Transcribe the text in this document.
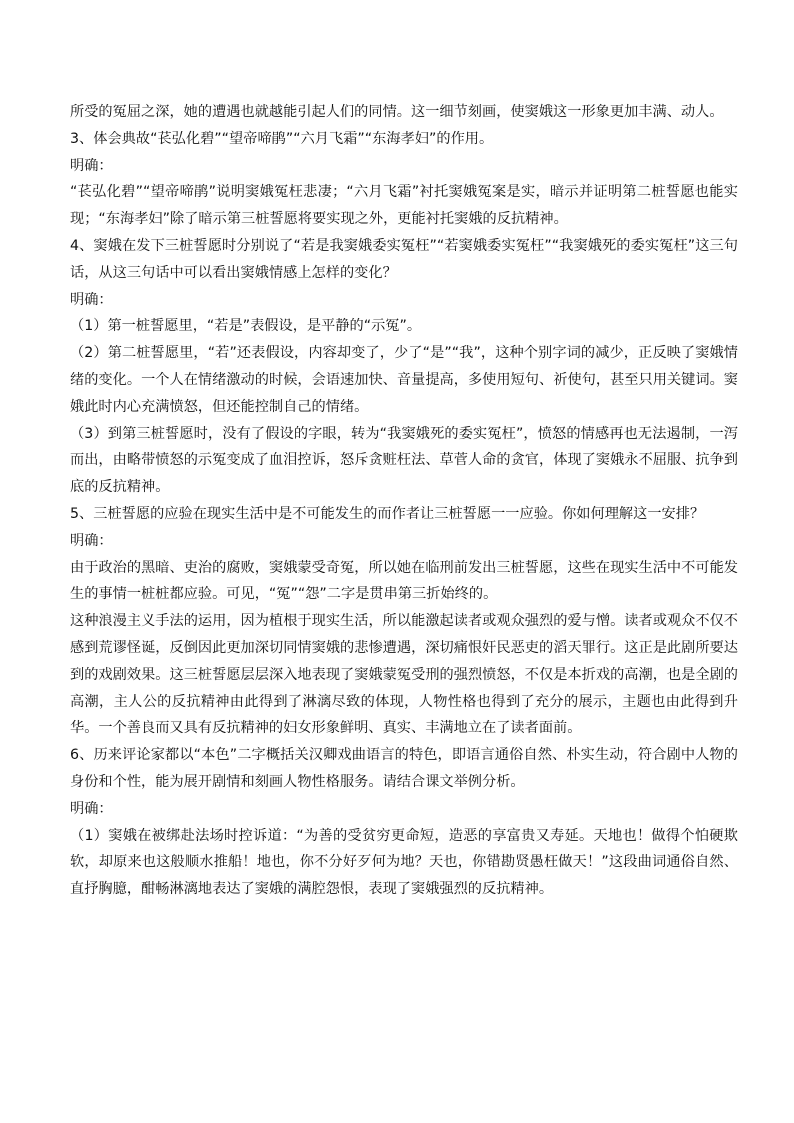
所受的冤屈之深，她的遭遇也就越能引起人们的同情。这一细节刻画，使窦娥这一形象更加丰满、动人。

3、体会典故“苌弘化碧”“望帝啼鹃”“六月飞霜”“东海孝妇”的作用。

明确：

“苌弘化碧”“望帝啼鹃”说明窦娥冤枉悲凄；“六月飞霜”衬托窦娥冤案是实，暗示并证明第二桩誓愿也能实现；“东海孝妇”除了暗示第三桩誓愿将要实现之外，更能衬托窦娥的反抗精神。

4、窦娥在发下三桩誓愿时分别说了“若是我窦娥委实冤枉”“若窦娥委实冤枉”“我窦娥死的委实冤枉”这三句话，从这三句话中可以看出窦娥情感上怎样的变化？

明确：

（1）第一桩誓愿里，“若是”表假设，是平静的“示冤”。

（2）第二桩誓愿里，“若”还表假设，内容却变了，少了“是”“我”，这种个别字词的减少，正反映了窦娥情绪的变化。一个人在情绪激动的时候，会语速加快、音量提高，多使用短句、祈使句，甚至只用关键词。窦娥此时内心充满愤怒，但还能控制自己的情绪。

（3）到第三桩誓愿时，没有了假设的字眼，转为“我窦娥死的委实冤枉”，愤怒的情感再也无法遏制，一泻而出，由略带愤怒的示冤变成了血泪控诉，怒斥贪赃枉法、草菅人命的贪官，体现了窦娥永不屈服、抗争到底的反抗精神。

5、三桩誓愿的应验在现实生活中是不可能发生的而作者让三桩誓愿一一应验。你如何理解这一安排？

明确：

由于政治的黑暗、吏治的腐败，窦娥蒙受奇冤，所以她在临刑前发出三桩誓愿，这些在现实生活中不可能发生的事情一桩桩都应验。可见，“冤”“怨”二字是贯串第三折始终的。

这种浪漫主义手法的运用，因为植根于现实生活，所以能激起读者或观众强烈的爱与憎。读者或观众不仅不感到荒谬怪诞，反倒因此更加深切同情窦娥的悲惨遭遇，深切痛恨奸民恶吏的滔天罪行。这正是此剧所要达到的戏剧效果。这三桩誓愿层层深入地表现了窦娥蒙冤受刑的强烈愤怒，不仅是本折戏的高潮，也是全剧的高潮，主人公的反抗精神由此得到了淋漓尽致的体现，人物性格也得到了充分的展示，主题也由此得到升华。一个善良而又具有反抗精神的妇女形象鲜明、真实、丰满地立在了读者面前。

6、历来评论家都以“本色”二字概括关汉卿戏曲语言的特色，即语言通俗自然、朴实生动，符合剧中人物的身份和个性，能为展开剧情和刻画人物性格服务。请结合课文举例分析。

明确：

（1）窦娥在被绑赴法场时控诉道：“为善的受贫穷更命短，造恶的享富贵又寿延。天地也！做得个怕硬欺软，却原来也这般顺水推船！地也，你不分好歹何为地？天也，你错勘贤愚枉做天！”这段曲词通俗自然、直抒胸臆，酣畅淋漓地表达了窦娥的满腔怨恨，表现了窦娥强烈的反抗精神。
